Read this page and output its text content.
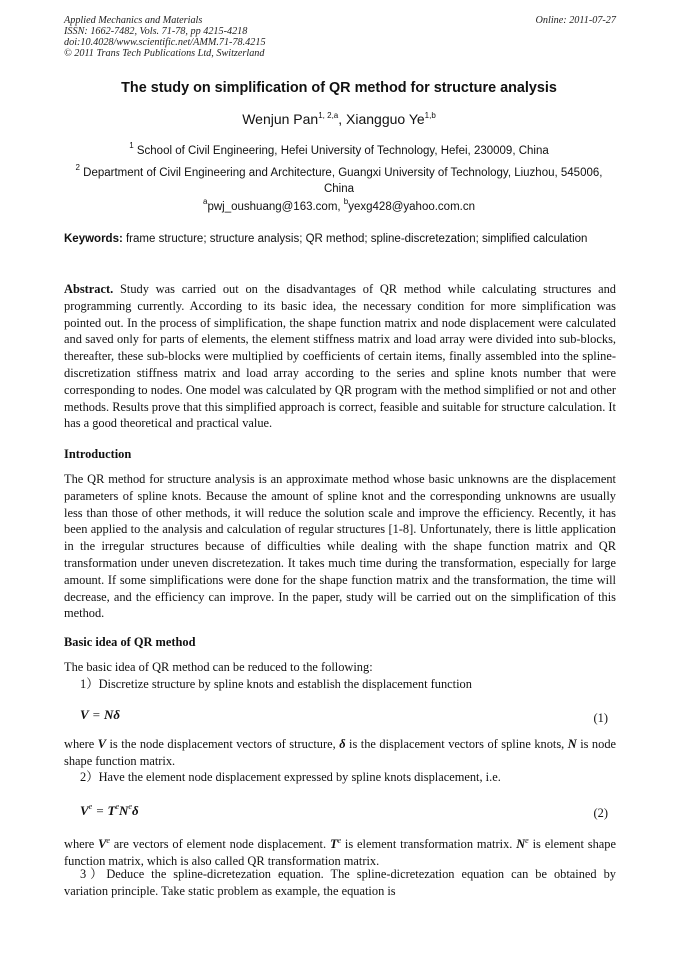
Applied Mechanics and Materials
ISSN: 1662-7482, Vols. 71-78, pp 4215-4218
doi:10.4028/www.scientific.net/AMM.71-78.4215
© 2011 Trans Tech Publications Ltd, Switzerland
Online: 2011-07-27
The study on simplification of QR method for structure analysis
Wenjun Pan$^{1, 2,a}$, Xiangguo Ye$^{1,b}$
$^1$ School of Civil Engineering, Hefei University of Technology, Hefei, 230009, China
$^2$ Department of Civil Engineering and Architecture, Guangxi University of Technology, Liuzhou, 545006, China
$^a$pwj_oushuang@163.com, $^b$yexg428@yahoo.com.cn
Keywords: frame structure; structure analysis; QR method; spline-discretezation; simplified calculation
Abstract. Study was carried out on the disadvantages of QR method while calculating structures and programming currently. According to its basic idea, the necessary condition for more simplification was pointed out. In the process of simplification, the shape function matrix and node displacement were calculated and saved only for parts of elements, the element stiffness matrix and load array were divided into sub-blocks, thereafter, these sub-blocks were multiplied by coefficients of certain items, finally assembled into the spline-discretization stiffness matrix and load array according to the series and spline knots number that were corresponding to nodes. One model was calculated by QR program with the method simplified or not and other methods. Results prove that this simplified approach is correct, feasible and suitable for structure calculation. It has a good theoretical and practical value.
Introduction
The QR method for structure analysis is an approximate method whose basic unknowns are the displacement parameters of spline knots. Because the amount of spline knot and the corresponding unknowns are usually less than those of other methods, it will reduce the solution scale and improve the efficiency. Recently, it has been applied to the analysis and calculation of regular structures [1-8]. Unfortunately, there is little application in the irregular structures because of difficulties while dealing with the shape function matrix and QR transformation under uneven discretezation. It takes much time during the transformation, especially for large amount. If some simplifications were done for the shape function matrix and the transformation, the time will decrease, and the efficiency can improve. In the paper, study will be carried out on the simplification of this method.
Basic idea of QR method
The basic idea of QR method can be reduced to the following:
1）Discretize structure by spline knots and establish the displacement function
V = Nδ	(1)
where V is the node displacement vectors of structure, δ is the displacement vectors of spline knots, N is node shape function matrix.
2）Have the element node displacement expressed by spline knots displacement, i.e.
$V^e = T^eN^e\delta$	(2)
where Ve are vectors of element node displacement. $T^e$ is element transformation matrix. $N^e$ is element shape function matrix, which is also called QR transformation matrix.
3）Deduce the spline-dicretezation equation. The spline-dicretezation equation can be obtained by variation principle. Take static problem as example, the equation is
